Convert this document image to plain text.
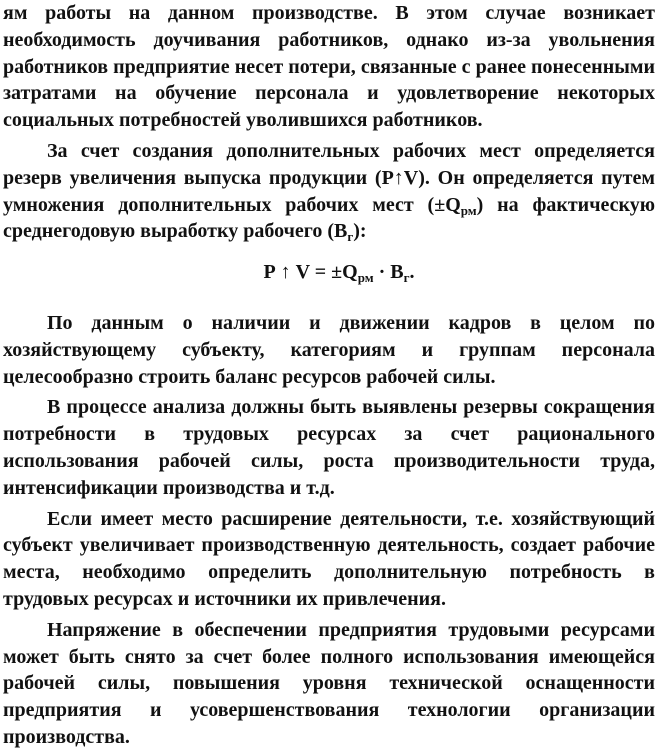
ям работы на данном производстве. В этом случае возникает необходимость доучивания работников, однако из-за увольнения работников предприятие несет потери, связанные с ранее понесенными затратами на обучение персонала и удовлетворение некоторых социальных потребностей уволившихся работников.

За счет создания дополнительных рабочих мест определяется резерв увеличения выпуска продукции (Р↑V). Он определяется путем умножения дополнительных рабочих мест $(\pm Q_{рм})$ на фактическую среднегодовую выработку рабочего $(В_г)$:

Р ↑ $V = \pm Q_{рм} \cdot В_г$.

По данным о наличии и движении кадров в целом по хозяйствующему субъекту, категориям и группам персонала целесообразно строить баланс ресурсов рабочей силы.

В процессе анализа должны быть выявлены резервы сокращения потребности в трудовых ресурсах за счет рационального использования рабочей силы, роста производительности труда, интенсификации производства и т.д.

Если имеет место расширение деятельности, т.е. хозяйствующий субъект увеличивает производственную деятельность, создает рабочие места, необходимо определить дополнительную потребность в трудовых ресурсах и источники их привлечения.

Напряжение в обеспечении предприятия трудовыми ресурсами может быть снято за счет более полного использования имеющейся рабочей силы, повышения уровня технической оснащенности предприятия и усовершенствования технологии организации производства.
